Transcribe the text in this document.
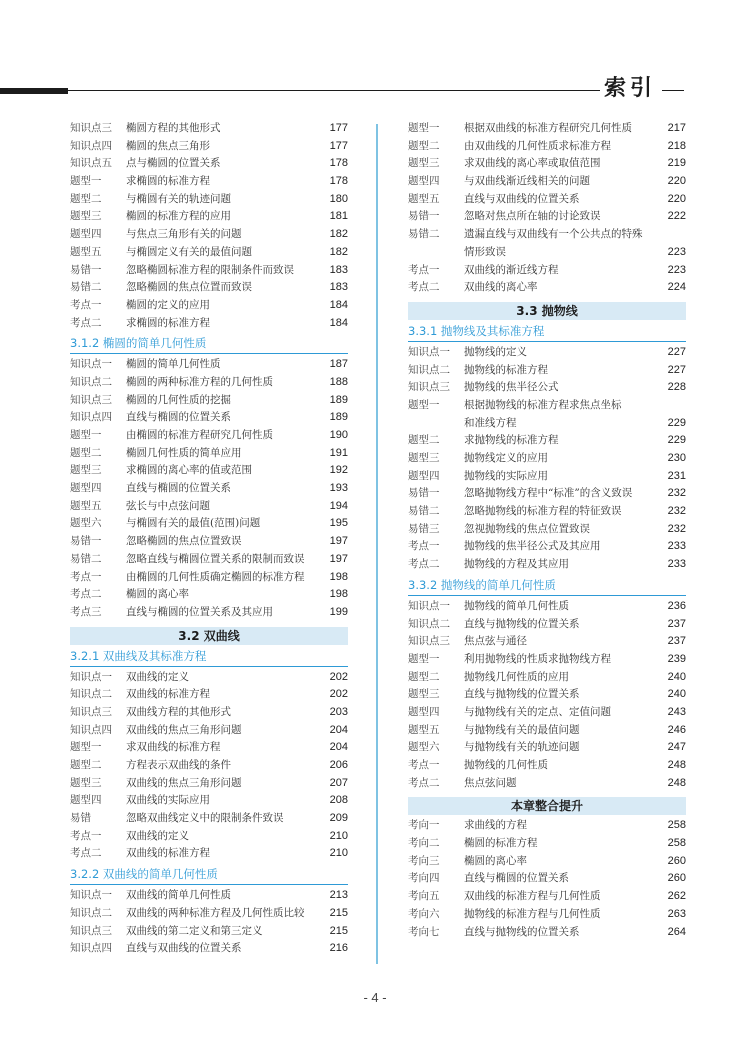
索引
知识点三	椭圆方程的其他形式	177
知识点四	椭圆的焦点三角形	177
知识点五	点与椭圆的位置关系	178
题型一	求椭圆的标准方程	178
题型二	与椭圆有关的轨迹问题	180
题型三	椭圆的标准方程的应用	181
题型四	与焦点三角形有关的问题	182
题型五	与椭圆定义有关的最值问题	182
易错一	忽略椭圆标准方程的限制条件而致误	183
易错二	忽略椭圆的焦点位置而致误	183
考点一	椭圆的定义的应用	184
考点二	求椭圆的标准方程	184
3.1.2 椭圆的简单几何性质
知识点一	椭圆的简单几何性质	187
知识点二	椭圆的两种标准方程的几何性质	188
知识点三	椭圆的几何性质的挖掘	189
知识点四	直线与椭圆的位置关系	189
题型一	由椭圆的标准方程研究几何性质	190
题型二	椭圆几何性质的简单应用	191
题型三	求椭圆的离心率的值或范围	192
题型四	直线与椭圆的位置关系	193
题型五	弦长与中点弦问题	194
题型六	与椭圆有关的最值(范围)问题	195
易错一	忽略椭圆的焦点位置致误	197
易错二	忽略直线与椭圆位置关系的限制而致误	197
考点一	由椭圆的几何性质确定椭圆的标准方程	198
考点二	椭圆的离心率	198
考点三	直线与椭圆的位置关系及其应用	199
3.2 双曲线
3.2.1 双曲线及其标准方程
知识点一	双曲线的定义	202
知识点二	双曲线的标准方程	202
知识点三	双曲线方程的其他形式	203
知识点四	双曲线的焦点三角形问题	204
题型一	求双曲线的标准方程	204
题型二	方程表示双曲线的条件	206
题型三	双曲线的焦点三角形问题	207
题型四	双曲线的实际应用	208
易错	忽略双曲线定义中的限制条件致误	209
考点一	双曲线的定义	210
考点二	双曲线的标准方程	210
3.2.2 双曲线的简单几何性质
知识点一	双曲线的简单几何性质	213
知识点二	双曲线的两种标准方程及几何性质比较	215
知识点三	双曲线的第二定义和第三定义	215
知识点四	直线与双曲线的位置关系	216
题型一	根据双曲线的标准方程研究几何性质	217
题型二	由双曲线的几何性质求标准方程	218
题型三	求双曲线的离心率或取值范围	219
题型四	与双曲线渐近线相关的问题	220
题型五	直线与双曲线的位置关系	220
易错一	忽略对焦点所在轴的讨论致误	222
易错二	遗漏直线与双曲线有一个公共点的特殊
情形致误	223
考点一	双曲线的渐近线方程	223
考点二	双曲线的离心率	224
3.3 抛物线
3.3.1 抛物线及其标准方程
知识点一	抛物线的定义	227
知识点二	抛物线的标准方程	227
知识点三	抛物线的焦半径公式	228
题型一	根据抛物线的标准方程求焦点坐标
和准线方程	229
题型二	求抛物线的标准方程	229
题型三	抛物线定义的应用	230
题型四	抛物线的实际应用	231
易错一	忽略抛物线方程中“标准”的含义致误	232
易错二	忽略抛物线的标准方程的特征致误	232
易错三	忽视抛物线的焦点位置致误	232
考点一	抛物线的焦半径公式及其应用	233
考点二	抛物线的方程及其应用	233
3.3.2 抛物线的简单几何性质
知识点一	抛物线的简单几何性质	236
知识点二	直线与抛物线的位置关系	237
知识点三	焦点弦与通径	237
题型一	利用抛物线的性质求抛物线方程	239
题型二	抛物线几何性质的应用	240
题型三	直线与抛物线的位置关系	240
题型四	与抛物线有关的定点、定值问题	243
题型五	与抛物线有关的最值问题	246
题型六	与抛物线有关的轨迹问题	247
考点一	抛物线的几何性质	248
考点二	焦点弦问题	248
本章整合提升
考向一	求曲线的方程	258
考向二	椭圆的标准方程	258
考向三	椭圆的离心率	260
考向四	直线与椭圆的位置关系	260
考向五	双曲线的标准方程与几何性质	262
考向六	抛物线的标准方程与几何性质	263
考向七	直线与抛物线的位置关系	264
- 4 -
